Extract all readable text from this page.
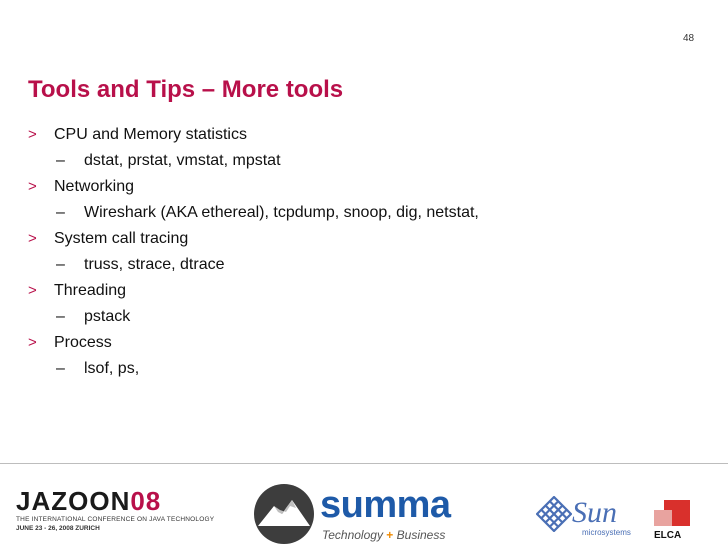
48
Tools and Tips – More tools
> CPU and Memory statistics
– dstat, prstat, vmstat, mpstat
> Networking
– Wireshark (AKA ethereal), tcpdump, snoop, dig, netstat,
> System call tracing
– truss, strace, dtrace
> Threading
– pstack
> Process
– lsof, ps,
JAZOON08
THE INTERNATIONAL CONFERENCE ON JAVA TECHNOLOGY
JUNE 23 - 26, 2008 ZURICH
summa
Technology + Business
Sun
microsystems ELCA
